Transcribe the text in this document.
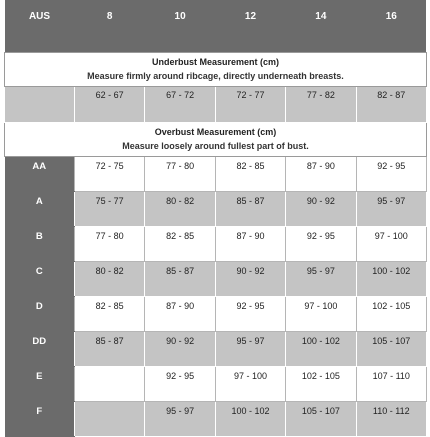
AUS	8	10	12	14	16

Underbust Measurement (cm)
Measure firmly around ribcage, directly underneath breasts.					

	62 - 67	67 - 72	72 - 77	77 - 82	82 - 87

Overbust Measurement (cm)
Measure loosely around fullest part of bust.					

AA	72 - 75	77 - 80	82 - 85	87 - 90	92 - 95
A	75 - 77	80 - 82	85 - 87	90 - 92	95 - 97
B	77 - 80	82 - 85	87 - 90	92 - 95	97 - 100
C	80 - 82	85 - 87	90 - 92	95 - 97	100 - 102
D	82 - 85	87 - 90	92 - 95	97 - 100	102 - 105
DD	85 - 87	90 - 92	95 - 97	100 - 102	105 - 107
E		92 - 95	97 - 100	102 - 105	107 - 110
F		95 - 97	100 - 102	105 - 107	110 - 112
